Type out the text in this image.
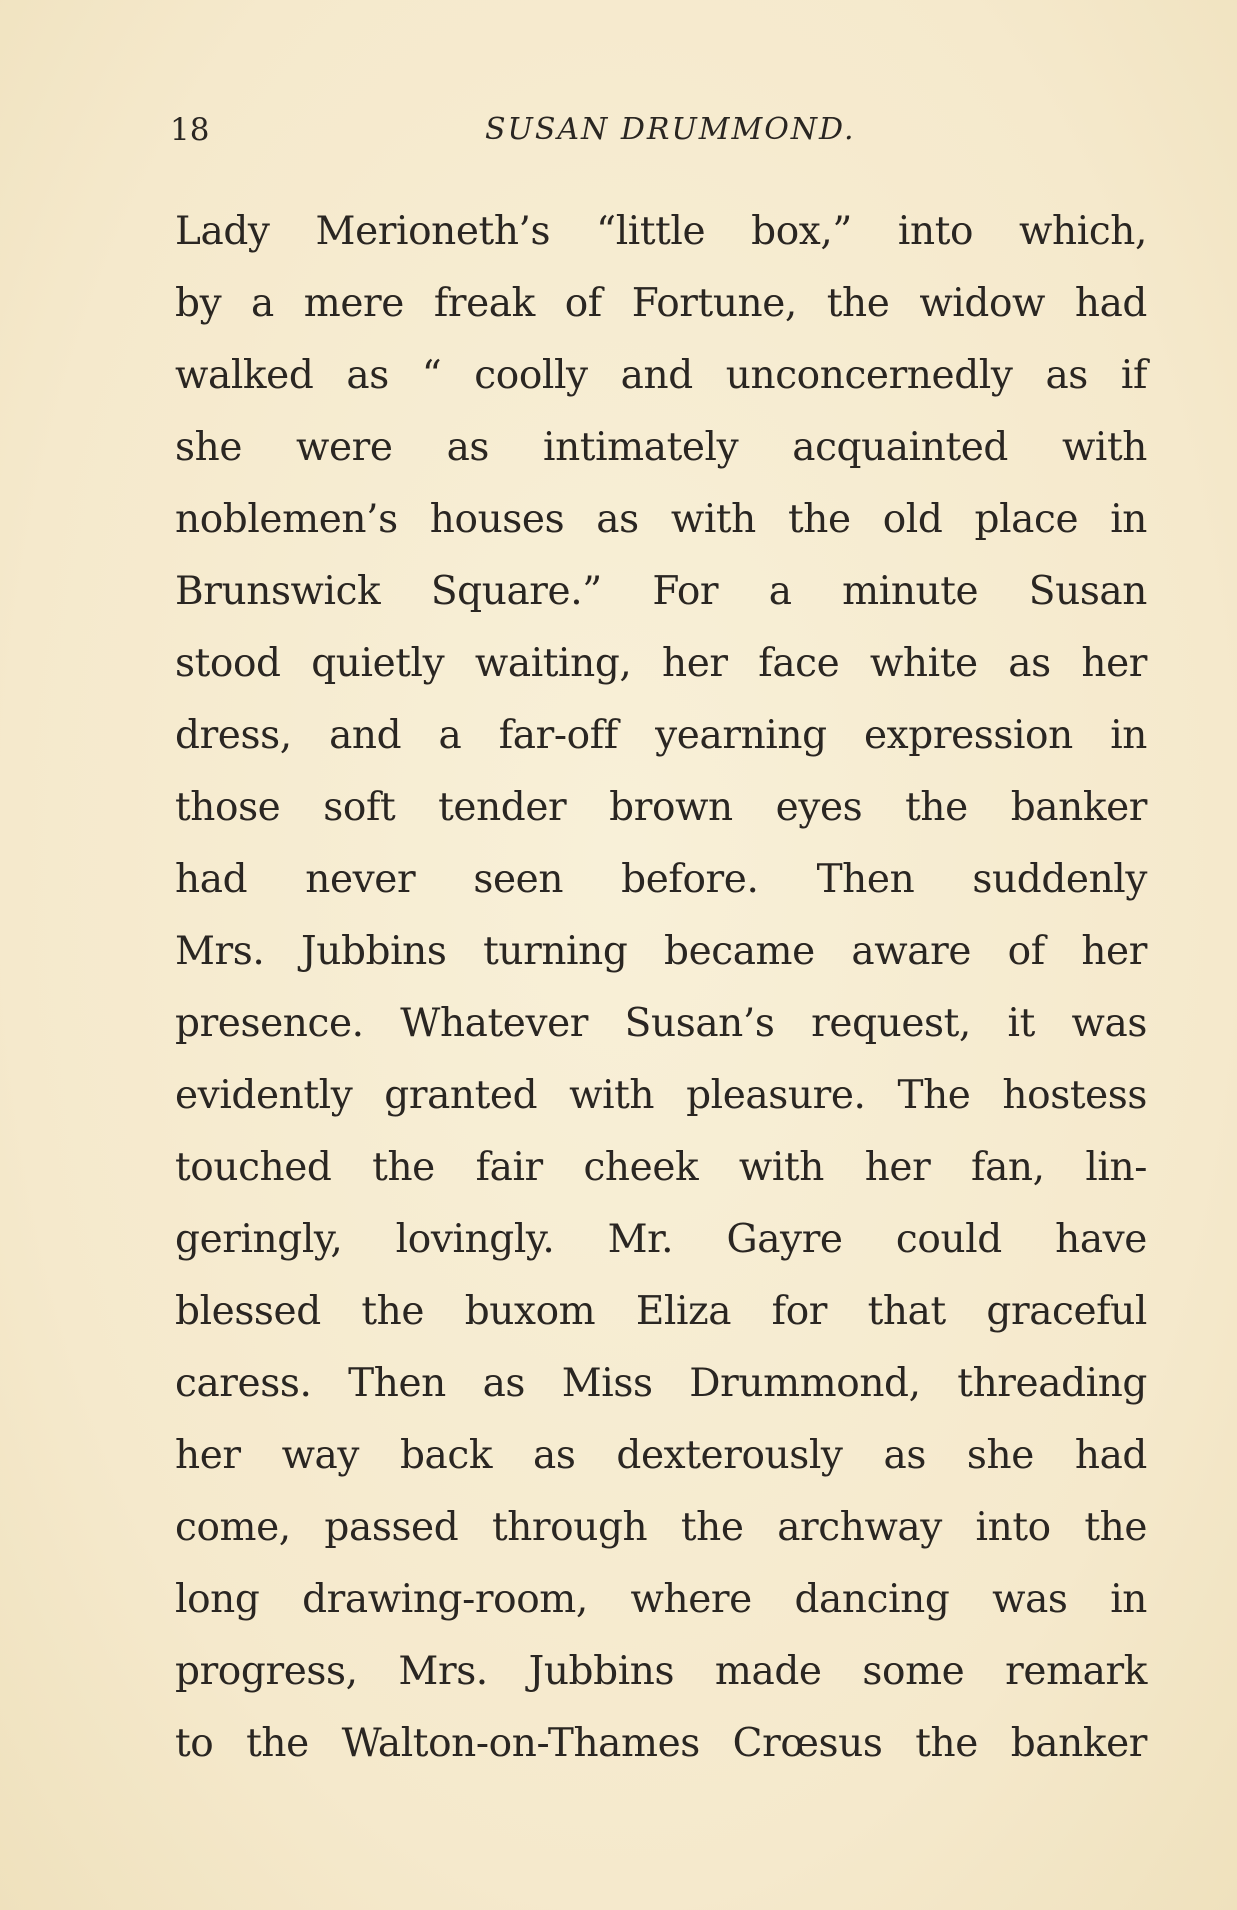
18	SUSAN DRUMMOND.
Lady Merioneth’s “little box,” into which,
by a mere freak of Fortune, the widow had
walked as “ coolly and unconcernedly as if
she were as intimately acquainted with
noblemen’s houses as with the old place in
Brunswick Square.” For a minute Susan
stood quietly waiting, her face white as her
dress, and a far-off yearning expression in
those soft tender brown eyes the banker
had never seen before. Then suddenly
Mrs. Jubbins turning became aware of her
presence. Whatever Susan’s request, it was
evidently granted with pleasure. The hostess
touched the fair cheek with her fan, lin-
geringly, lovingly. Mr. Gayre could have
blessed the buxom Eliza for that graceful
caress. Then as Miss Drummond, threading
her way back as dexterously as she had
come, passed through the archway into the
long drawing-room, where dancing was in
progress, Mrs. Jubbins made some remark
to the Walton-on-Thames Crœsus the banker
